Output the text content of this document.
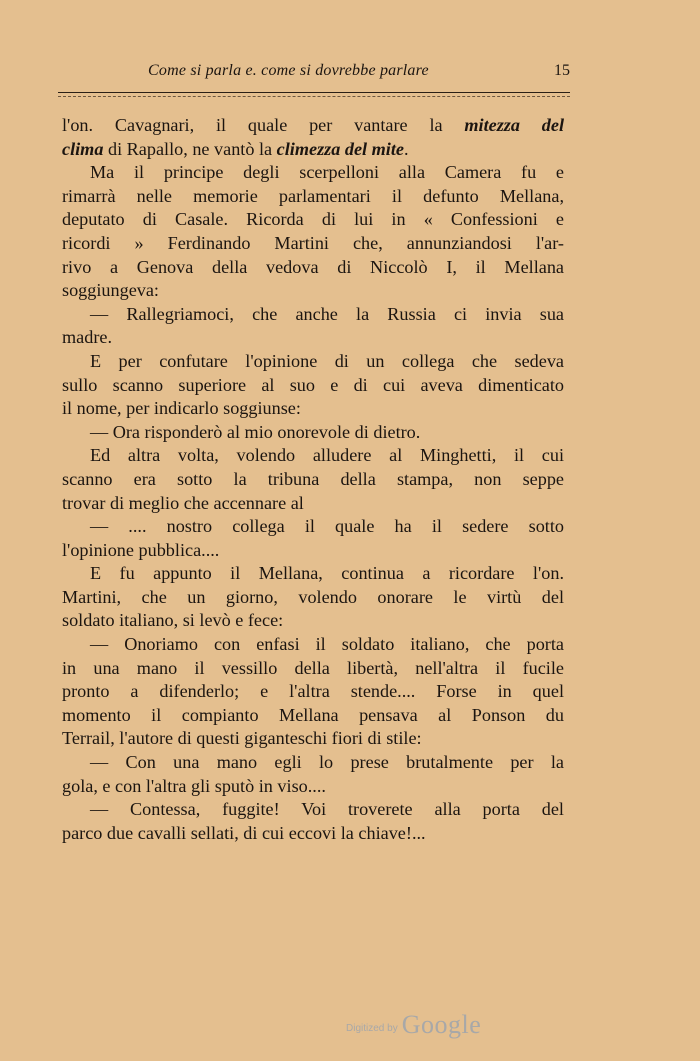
Come si parla e. come si dovrebbe parlare	15
l'on. Cavagnari, il quale per vantare la mitezza del
clima di Rapallo, ne vantò la climezza del mite.
Ma il principe degli scerpelloni alla Camera fu e
rimarrà nelle memorie parlamentari il defunto Mellana,
deputato di Casale. Ricorda di lui in « Confessioni e
ricordi » Ferdinando Martini che, annunziandosi l'ar-
rivo a Genova della vedova di Niccolò I, il Mellana
soggiungeva:
— Rallegriamoci, che anche la Russia ci invia sua
madre.
E per confutare l'opinione di un collega che sedeva
sullo scanno superiore al suo e di cui aveva dimenticato
il nome, per indicarlo soggiunse:
— Ora risponderò al mio onorevole di dietro.
Ed altra volta, volendo alludere al Minghetti, il cui
scanno era sotto la tribuna della stampa, non seppe
trovar di meglio che accennare al
— .... nostro collega il quale ha il sedere sotto
l'opinione pubblica....
E fu appunto il Mellana, continua a ricordare l'on.
Martini, che un giorno, volendo onorare le virtù del
soldato italiano, si levò e fece:
— Onoriamo con enfasi il soldato italiano, che porta
in una mano il vessillo della libertà, nell'altra il fucile
pronto a difenderlo; e l'altra stende.... Forse in quel
momento il compianto Mellana pensava al Ponson du
Terrail, l'autore di questi giganteschi fiori di stile:
— Con una mano egli lo prese brutalmente per la
gola, e con l'altra gli sputò in viso....
— Contessa, fuggite! Voi troverete alla porta del
parco due cavalli sellati, di cui eccovi la chiave!...
Digitized by Google
